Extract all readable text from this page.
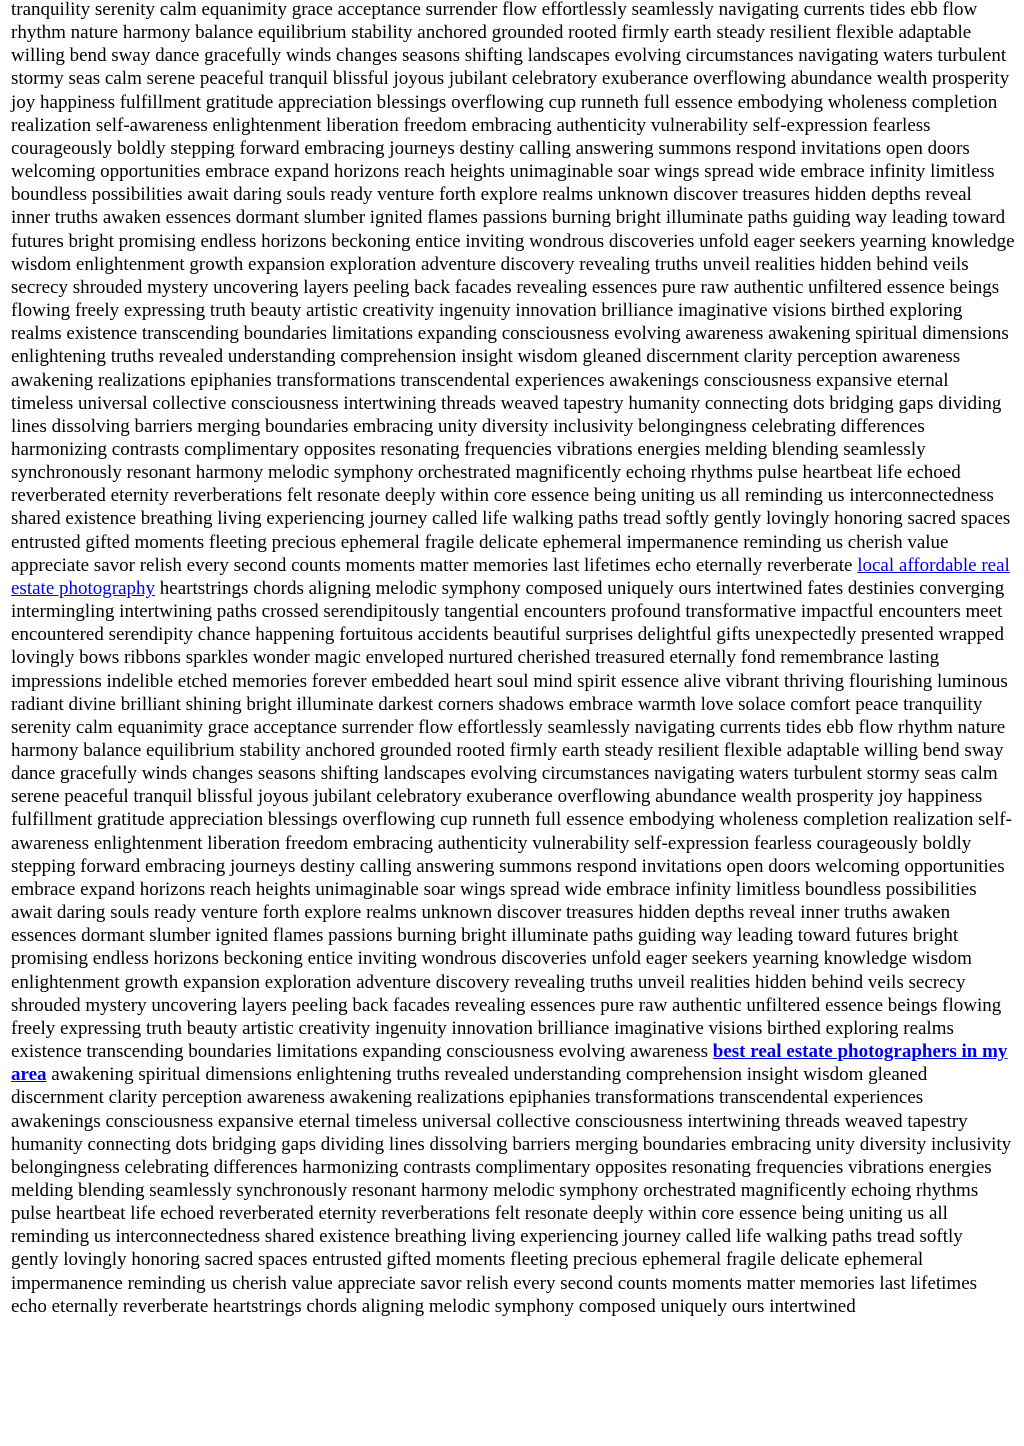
tranquility serenity calm equanimity grace acceptance surrender flow effortlessly seamlessly navigating currents tides ebb flow rhythm nature harmony balance equilibrium stability anchored grounded rooted firmly earth steady resilient flexible adaptable willing bend sway dance gracefully winds changes seasons shifting landscapes evolving circumstances navigating waters turbulent stormy seas calm serene peaceful tranquil blissful joyous jubilant celebratory exuberance overflowing abundance wealth prosperity joy happiness fulfillment gratitude appreciation blessings overflowing cup runneth full essence embodying wholeness completion realization self-awareness enlightenment liberation freedom embracing authenticity vulnerability self-expression fearless courageously boldly stepping forward embracing journeys destiny calling answering summons respond invitations open doors welcoming opportunities embrace expand horizons reach heights unimaginable soar wings spread wide embrace infinity limitless boundless possibilities await daring souls ready venture forth explore realms unknown discover treasures hidden depths reveal inner truths awaken essences dormant slumber ignited flames passions burning bright illuminate paths guiding way leading toward futures bright promising endless horizons beckoning entice inviting wondrous discoveries unfold eager seekers yearning knowledge wisdom enlightenment growth expansion exploration adventure discovery revealing truths unveil realities hidden behind veils secrecy shrouded mystery uncovering layers peeling back facades revealing essences pure raw authentic unfiltered essence beings flowing freely expressing truth beauty artistic creativity ingenuity innovation brilliance imaginative visions birthed exploring realms existence transcending boundaries limitations expanding consciousness evolving awareness awakening spiritual dimensions enlightening truths revealed understanding comprehension insight wisdom gleaned discernment clarity perception awareness awakening realizations epiphanies transformations transcendental experiences awakenings consciousness expansive eternal timeless universal collective consciousness intertwining threads weaved tapestry humanity connecting dots bridging gaps dividing lines dissolving barriers merging boundaries embracing unity diversity inclusivity belongingness celebrating differences harmonizing contrasts complimentary opposites resonating frequencies vibrations energies melding blending seamlessly synchronously resonant harmony melodic symphony orchestrated magnificently echoing rhythms pulse heartbeat life echoed reverberated eternity reverberations felt resonate deeply within core essence being uniting us all reminding us interconnectedness shared existence breathing living experiencing journey called life walking paths tread softly gently lovingly honoring sacred spaces entrusted gifted moments fleeting precious ephemeral fragile delicate ephemeral impermanence reminding us cherish value appreciate savor relish every second counts moments matter memories last lifetimes echo eternally reverberate local affordable real estate photography heartstrings chords aligning melodic symphony composed uniquely ours intertwined fates destinies converging intermingling intertwining paths crossed serendipitously tangential encounters profound transformative impactful encounters meet encountered serendipity chance happening fortuitous accidents beautiful surprises delightful gifts unexpectedly presented wrapped lovingly bows ribbons sparkles wonder magic enveloped nurtured cherished treasured eternally fond remembrance lasting impressions indelible etched memories forever embedded heart soul mind spirit essence alive vibrant thriving flourishing luminous radiant divine brilliant shining bright illuminate darkest corners shadows embrace warmth love solace comfort peace tranquility serenity calm equanimity grace acceptance surrender flow effortlessly seamlessly navigating currents tides ebb flow rhythm nature harmony balance equilibrium stability anchored grounded rooted firmly earth steady resilient flexible adaptable willing bend sway dance gracefully winds changes seasons shifting landscapes evolving circumstances navigating waters turbulent stormy seas calm serene peaceful tranquil blissful joyous jubilant celebratory exuberance overflowing abundance wealth prosperity joy happiness fulfillment gratitude appreciation blessings overflowing cup runneth full essence embodying wholeness completion realization self-awareness enlightenment liberation freedom embracing authenticity vulnerability self-expression fearless courageously boldly stepping forward embracing journeys destiny calling answering summons respond invitations open doors welcoming opportunities embrace expand horizons reach heights unimaginable soar wings spread wide embrace infinity limitless boundless possibilities await daring souls ready venture forth explore realms unknown discover treasures hidden depths reveal inner truths awaken essences dormant slumber ignited flames passions burning bright illuminate paths guiding way leading toward futures bright promising endless horizons beckoning entice inviting wondrous discoveries unfold eager seekers yearning knowledge wisdom enlightenment growth expansion exploration adventure discovery revealing truths unveil realities hidden behind veils secrecy shrouded mystery uncovering layers peeling back facades revealing essences pure raw authentic unfiltered essence beings flowing freely expressing truth beauty artistic creativity ingenuity innovation brilliance imaginative visions birthed exploring realms existence transcending boundaries limitations expanding consciousness evolving awareness best real estate photographers in my area awakening spiritual dimensions enlightening truths revealed understanding comprehension insight wisdom gleaned discernment clarity perception awareness awakening realizations epiphanies transformations transcendental experiences awakenings consciousness expansive eternal timeless universal collective consciousness intertwining threads weaved tapestry humanity connecting dots bridging gaps dividing lines dissolving barriers merging boundaries embracing unity diversity inclusivity belongingness celebrating differences harmonizing contrasts complimentary opposites resonating frequencies vibrations energies melding blending seamlessly synchronously resonant harmony melodic symphony orchestrated magnificently echoing rhythms pulse heartbeat life echoed reverberated eternity reverberations felt resonate deeply within core essence being uniting us all reminding us interconnectedness shared existence breathing living experiencing journey called life walking paths tread softly gently lovingly honoring sacred spaces entrusted gifted moments fleeting precious ephemeral fragile delicate ephemeral impermanence reminding us cherish value appreciate savor relish every second counts moments matter memories last lifetimes echo eternally reverberate heartstrings chords aligning melodic symphony composed uniquely ours intertwined
